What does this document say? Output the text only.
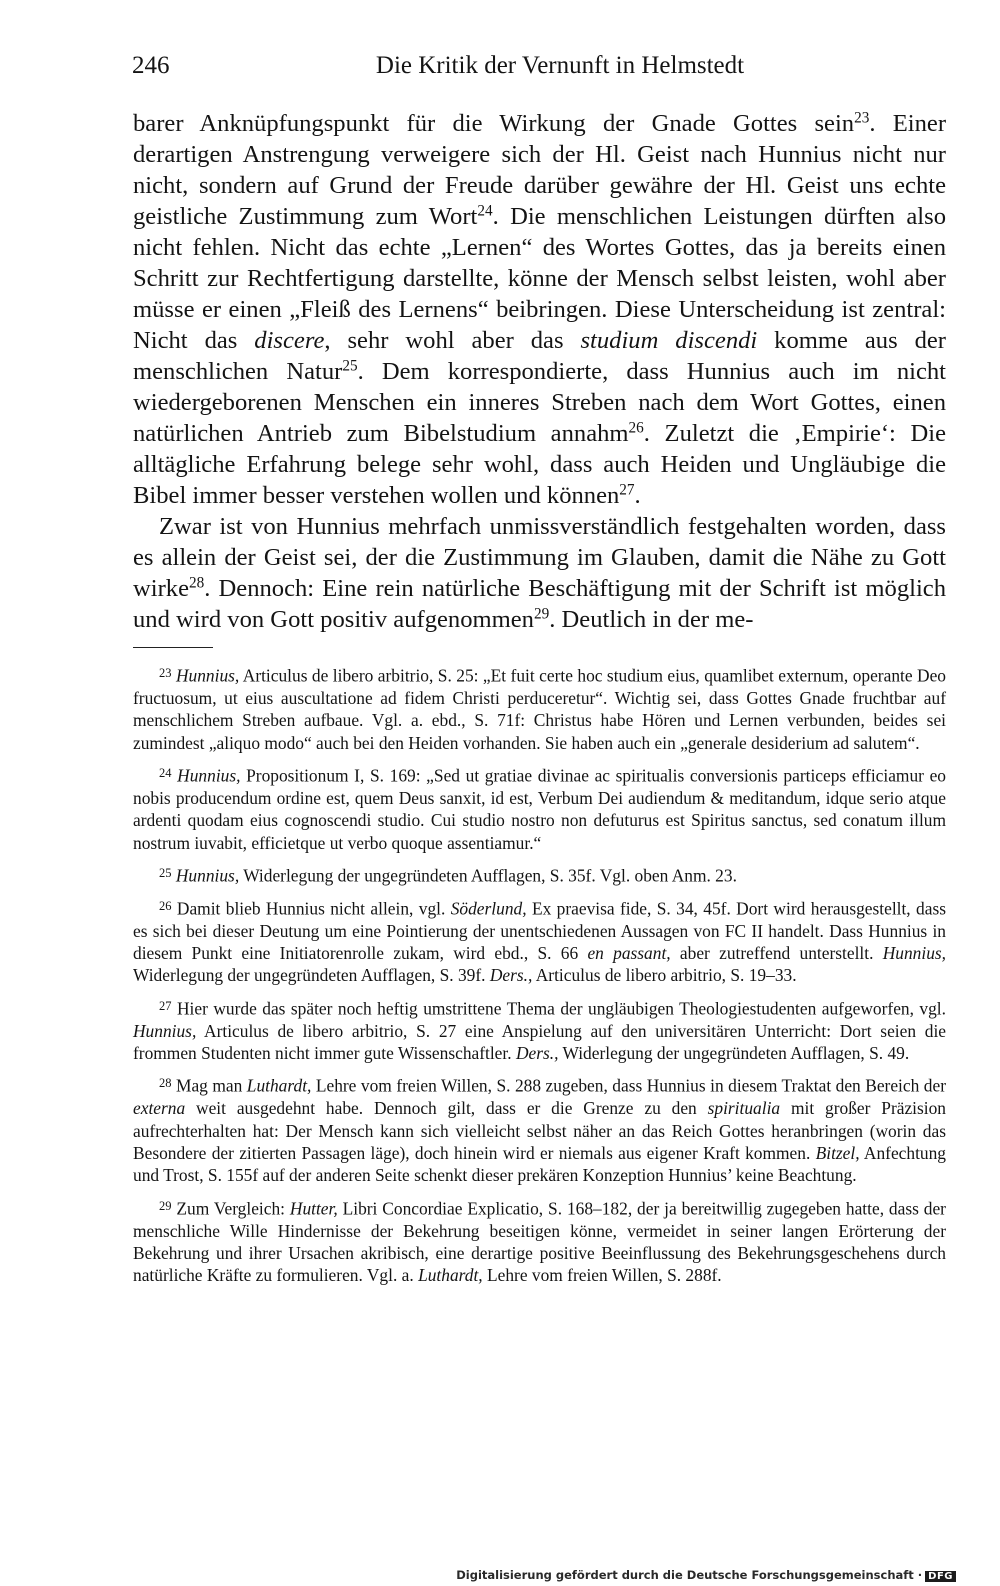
246	Die Kritik der Vernunft in Helmstedt

barer Anknüpfungspunkt für die Wirkung der Gnade Gottes sein$^{23}$. Einer derartigen Anstrengung verweigere sich der Hl. Geist nach Hunnius nicht nur nicht, sondern auf Grund der Freude darüber gewähre der Hl. Geist uns echte geistliche Zustimmung zum Wort$^{24}$. Die menschlichen Leistungen dürften also nicht fehlen. Nicht das echte „Lernen“ des Wortes Gottes, das ja bereits einen Schritt zur Rechtfertigung darstellte, könne der Mensch selbst leisten, wohl aber müsse er einen „Fleiß des Lernens“ beibringen. Diese Unterscheidung ist zentral: Nicht das discere, sehr wohl aber das studium discendi komme aus der menschlichen Natur$^{25}$. Dem korrespondierte, dass Hunnius auch im nicht wiedergeborenen Menschen ein inneres Streben nach dem Wort Gottes, einen natürlichen Antrieb zum Bibelstudium annahm$^{26}$. Zuletzt die ‚Empirie‘: Die alltägliche Erfahrung belege sehr wohl, dass auch Heiden und Ungläubige die Bibel immer besser verstehen wollen und können$^{27}$.

Zwar ist von Hunnius mehrfach unmissverständlich festgehalten worden, dass es allein der Geist sei, der die Zustimmung im Glauben, damit die Nähe zu Gott wirke$^{28}$. Dennoch: Eine rein natürliche Beschäftigung mit der Schrift ist möglich und wird von Gott positiv aufgenommen$^{29}$. Deutlich in der me-

$^{23}$ Hunnius, Articulus de libero arbitrio, S. 25: „Et fuit certe hoc studium eius, quamlibet externum, operante Deo fructuosum, ut eius auscultatione ad fidem Christi perduceretur“. Wichtig sei, dass Gottes Gnade fruchtbar auf menschlichem Streben aufbaue. Vgl. a. ebd., S. 71f: Christus habe Hören und Lernen verbunden, beides sei zumindest „aliquo modo“ auch bei den Heiden vorhanden. Sie haben auch ein „generale desiderium ad salutem“.

$^{24}$ Hunnius, Propositionum I, S. 169: „Sed ut gratiae divinae ac spiritualis conversionis particeps efficiamur eo nobis producendum ordine est, quem Deus sanxit, id est, Verbum Dei audiendum & meditandum, idque serio atque ardenti quodam eius cognoscendi studio. Cui studio nostro non defuturus est Spiritus sanctus, sed conatum illum nostrum iuvabit, efficietque ut verbo quoque assentiamur.“

$^{25}$ Hunnius, Widerlegung der ungegründeten Aufflagen, S. 35f. Vgl. oben Anm. 23.

$^{26}$ Damit blieb Hunnius nicht allein, vgl. Söderlund, Ex praevisa fide, S. 34, 45f. Dort wird herausgestellt, dass es sich bei dieser Deutung um eine Pointierung der unentschiedenen Aussagen von FC II handelt. Dass Hunnius in diesem Punkt eine Initiatorenrolle zukam, wird ebd., S. 66 en passant, aber zutreffend unterstellt. Hunnius, Widerlegung der ungegründeten Aufflagen, S. 39f. Ders., Articulus de libero arbitrio, S. 19–33.

$^{27}$ Hier wurde das später noch heftig umstrittene Thema der ungläubigen Theologiestudenten aufgeworfen, vgl. Hunnius, Articulus de libero arbitrio, S. 27 eine Anspielung auf den universitären Unterricht: Dort seien die frommen Studenten nicht immer gute Wissenschaftler. Ders., Widerlegung der ungegründeten Aufflagen, S. 49.

$^{28}$ Mag man Luthardt, Lehre vom freien Willen, S. 288 zugeben, dass Hunnius in diesem Traktat den Bereich der externa weit ausgedehnt habe. Dennoch gilt, dass er die Grenze zu den spiritualia mit großer Präzision aufrechterhalten hat: Der Mensch kann sich vielleicht selbst näher an das Reich Gottes heranbringen (worin das Besondere der zitierten Passagen läge), doch hinein wird er niemals aus eigener Kraft kommen. Bitzel, Anfechtung und Trost, S. 155f auf der anderen Seite schenkt dieser prekären Konzeption Hunnius’ keine Beachtung.

$^{29}$ Zum Vergleich: Hutter, Libri Concordiae Explicatio, S. 168–182, der ja bereitwillig zugegeben hatte, dass der menschliche Wille Hindernisse der Bekehrung beseitigen könne, vermeidet in seiner langen Erörterung der Bekehrung und ihrer Ursachen akribisch, eine derartige positive Beeinflussung des Bekehrungsgeschehens durch natürliche Kräfte zu formulieren. Vgl. a. Luthardt, Lehre vom freien Willen, S. 288f.

Digitalisierung gefördert durch die Deutsche Forschungsgemeinschaft · DFG
